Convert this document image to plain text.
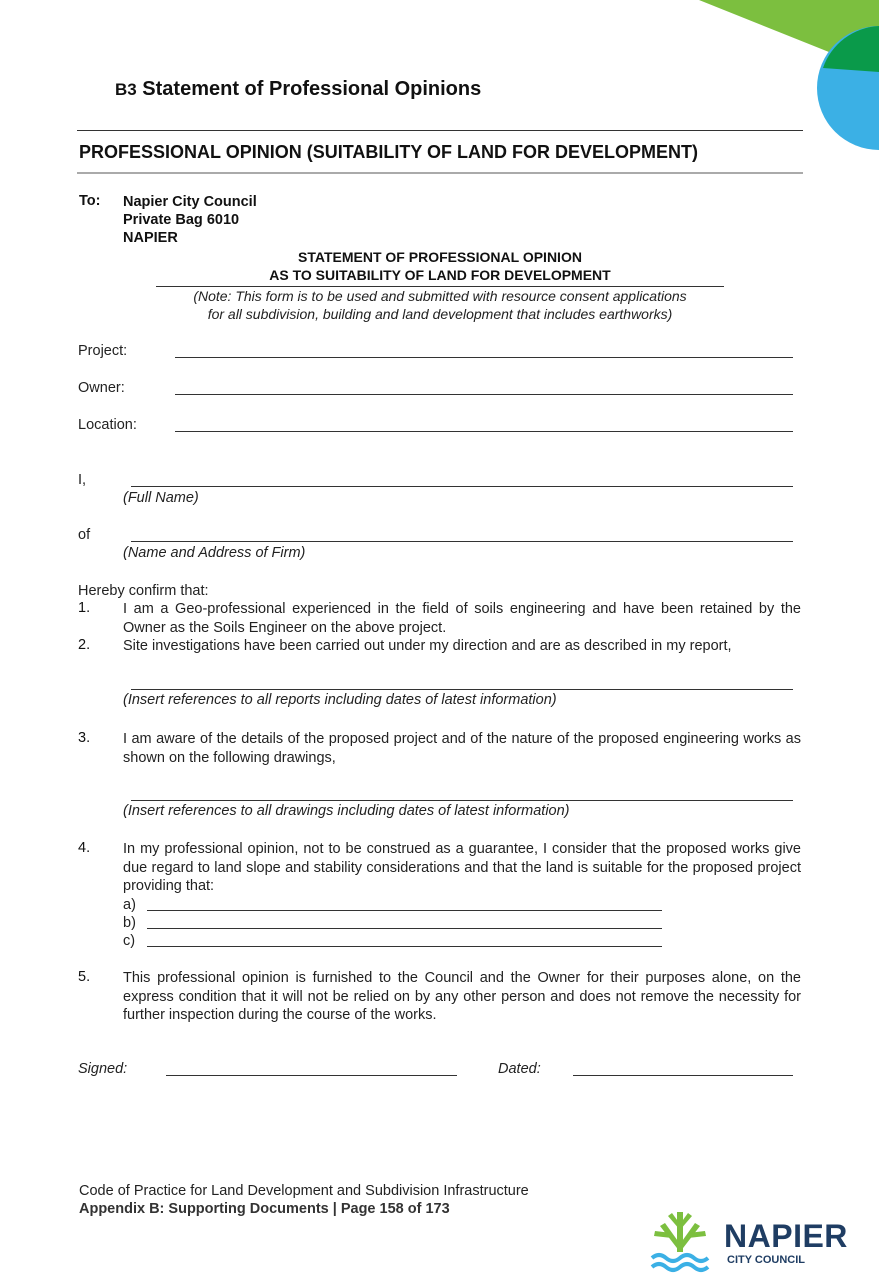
B3 Statement of Professional Opinions
PROFESSIONAL OPINION (SUITABILITY OF LAND FOR DEVELOPMENT)
To: Napier City Council
Private Bag 6010
NAPIER
STATEMENT OF PROFESSIONAL OPINION
AS TO SUITABILITY OF LAND FOR DEVELOPMENT
(Note: This form is to be used and submitted with resource consent applications
for all subdivision, building and land development that includes earthworks)
Project:
Owner:
Location:
I,
(Full Name)
of
(Name and Address of Firm)
Hereby confirm that:
1. I am a Geo-professional experienced in the field of soils engineering and have been retained by the Owner as the Soils Engineer on the above project.
2. Site investigations have been carried out under my direction and are as described in my report,
(Insert references to all reports including dates of latest information)
3. I am aware of the details of the proposed project and of the nature of the proposed engineering works as shown on the following drawings,
(Insert references to all drawings including dates of latest information)
4. In my professional opinion, not to be construed as a guarantee, I consider that the proposed works give due regard to land slope and stability considerations and that the land is suitable for the proposed project providing that:
a)
b)
c)
5. This professional opinion is furnished to the Council and the Owner for their purposes alone, on the express condition that it will not be relied on by any other person and does not remove the necessity for further inspection during the course of the works.
Signed:	Dated:
Code of Practice for Land Development and Subdivision Infrastructure
Appendix B: Supporting Documents | Page 158 of 173
NAPIER
CITY COUNCIL
